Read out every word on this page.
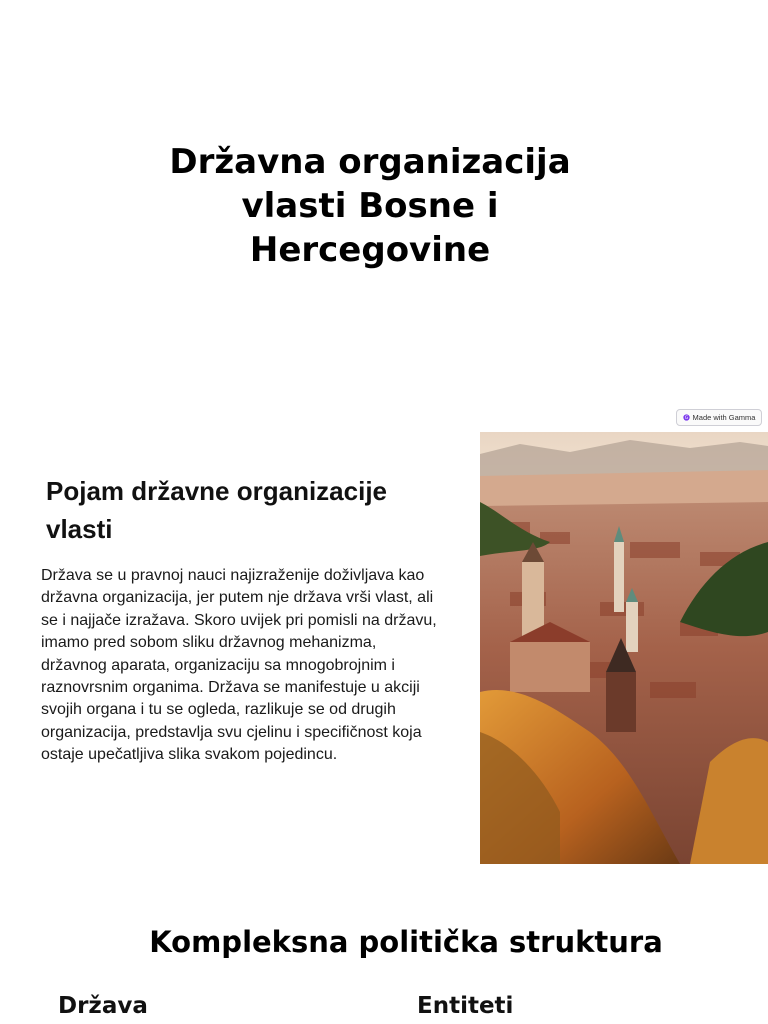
Državna organizacija vlasti Bosne i Hercegovine
G Made with Gamma
Pojam državne organizacije vlasti

Država se u pravnoj nauci najizraženije doživljava kao državna organizacija, jer putem nje država vrši vlast, ali se i najjače izražava. Skoro uvijek pri pomisli na državu, imamo pred sobom sliku državnog mehanizma, državnog aparata, organizaciju sa mnogobrojnim i raznovrsnim organima. Država se manifestuje u akciji svojih organa i tu se ogleda, razlikuje se od drugih organizacija, predstavlja svu cjelinu i specifičnost koja ostaje upečatljiva slika svakom pojedincu.

Kompleksna politička struktura
Država	Entiteti
